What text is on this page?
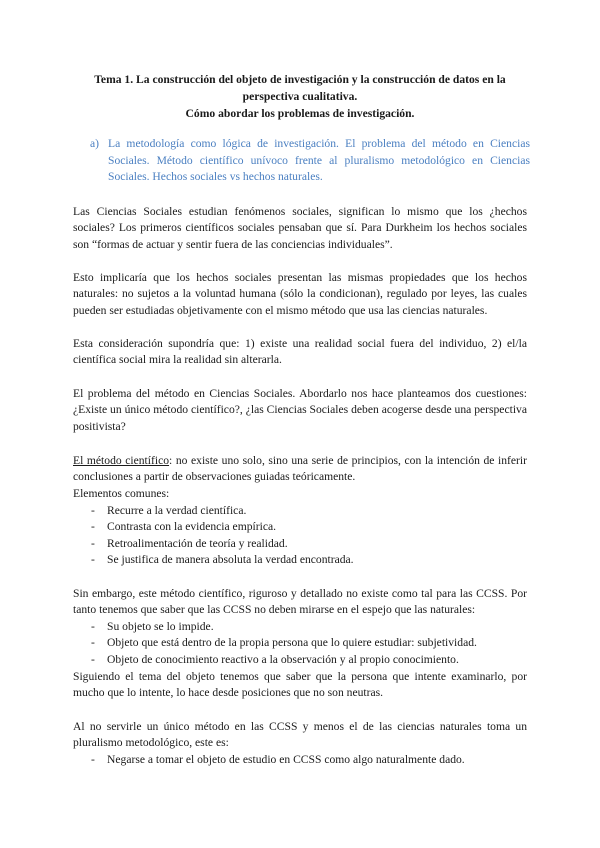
Tema 1. La construcción del objeto de investigación y la construcción de datos en la
perspectiva cualitativa.
Cómo abordar los problemas de investigación.
a) La metodología como lógica de investigación. El problema del método en Ciencias Sociales. Método científico unívoco frente al pluralismo metodológico en Ciencias Sociales. Hechos sociales vs hechos naturales.
Las Ciencias Sociales estudian fenómenos sociales, significan lo mismo que los ¿hechos sociales? Los primeros científicos sociales pensaban que sí. Para Durkheim los hechos sociales son “formas de actuar y sentir fuera de las conciencias individuales”.
Esto implicaría que los hechos sociales presentan las mismas propiedades que los hechos naturales: no sujetos a la voluntad humana (sólo la condicionan), regulado por leyes, las cuales pueden ser estudiadas objetivamente con el mismo método que usa las ciencias naturales.
Esta consideración supondría que: 1) existe una realidad social fuera del individuo, 2) el/la científica social mira la realidad sin alterarla.
El problema del método en Ciencias Sociales. Abordarlo nos hace planteamos dos cuestiones: ¿Existe un único método científico?, ¿las Ciencias Sociales deben acogerse desde una perspectiva positivista?
El método científico: no existe uno solo, sino una serie de principios, con la intención de inferir conclusiones a partir de observaciones guiadas teóricamente.
Elementos comunes:
- Recurre a la verdad científica.
- Contrasta con la evidencia empírica.
- Retroalimentación de teoría y realidad.
- Se justifica de manera absoluta la verdad encontrada.
Sin embargo, este método científico, riguroso y detallado no existe como tal para las CCSS. Por tanto tenemos que saber que las CCSS no deben mirarse en el espejo que las naturales:
- Su objeto se lo impide.
- Objeto que está dentro de la propia persona que lo quiere estudiar: subjetividad.
- Objeto de conocimiento reactivo a la observación y al propio conocimiento.
Siguiendo el tema del objeto tenemos que saber que la persona que intente examinarlo, por mucho que lo intente, lo hace desde posiciones que no son neutras.
Al no servirle un único método en las CCSS y menos el de las ciencias naturales toma un pluralismo metodológico, este es:
- Negarse a tomar el objeto de estudio en CCSS como algo naturalmente dado.
